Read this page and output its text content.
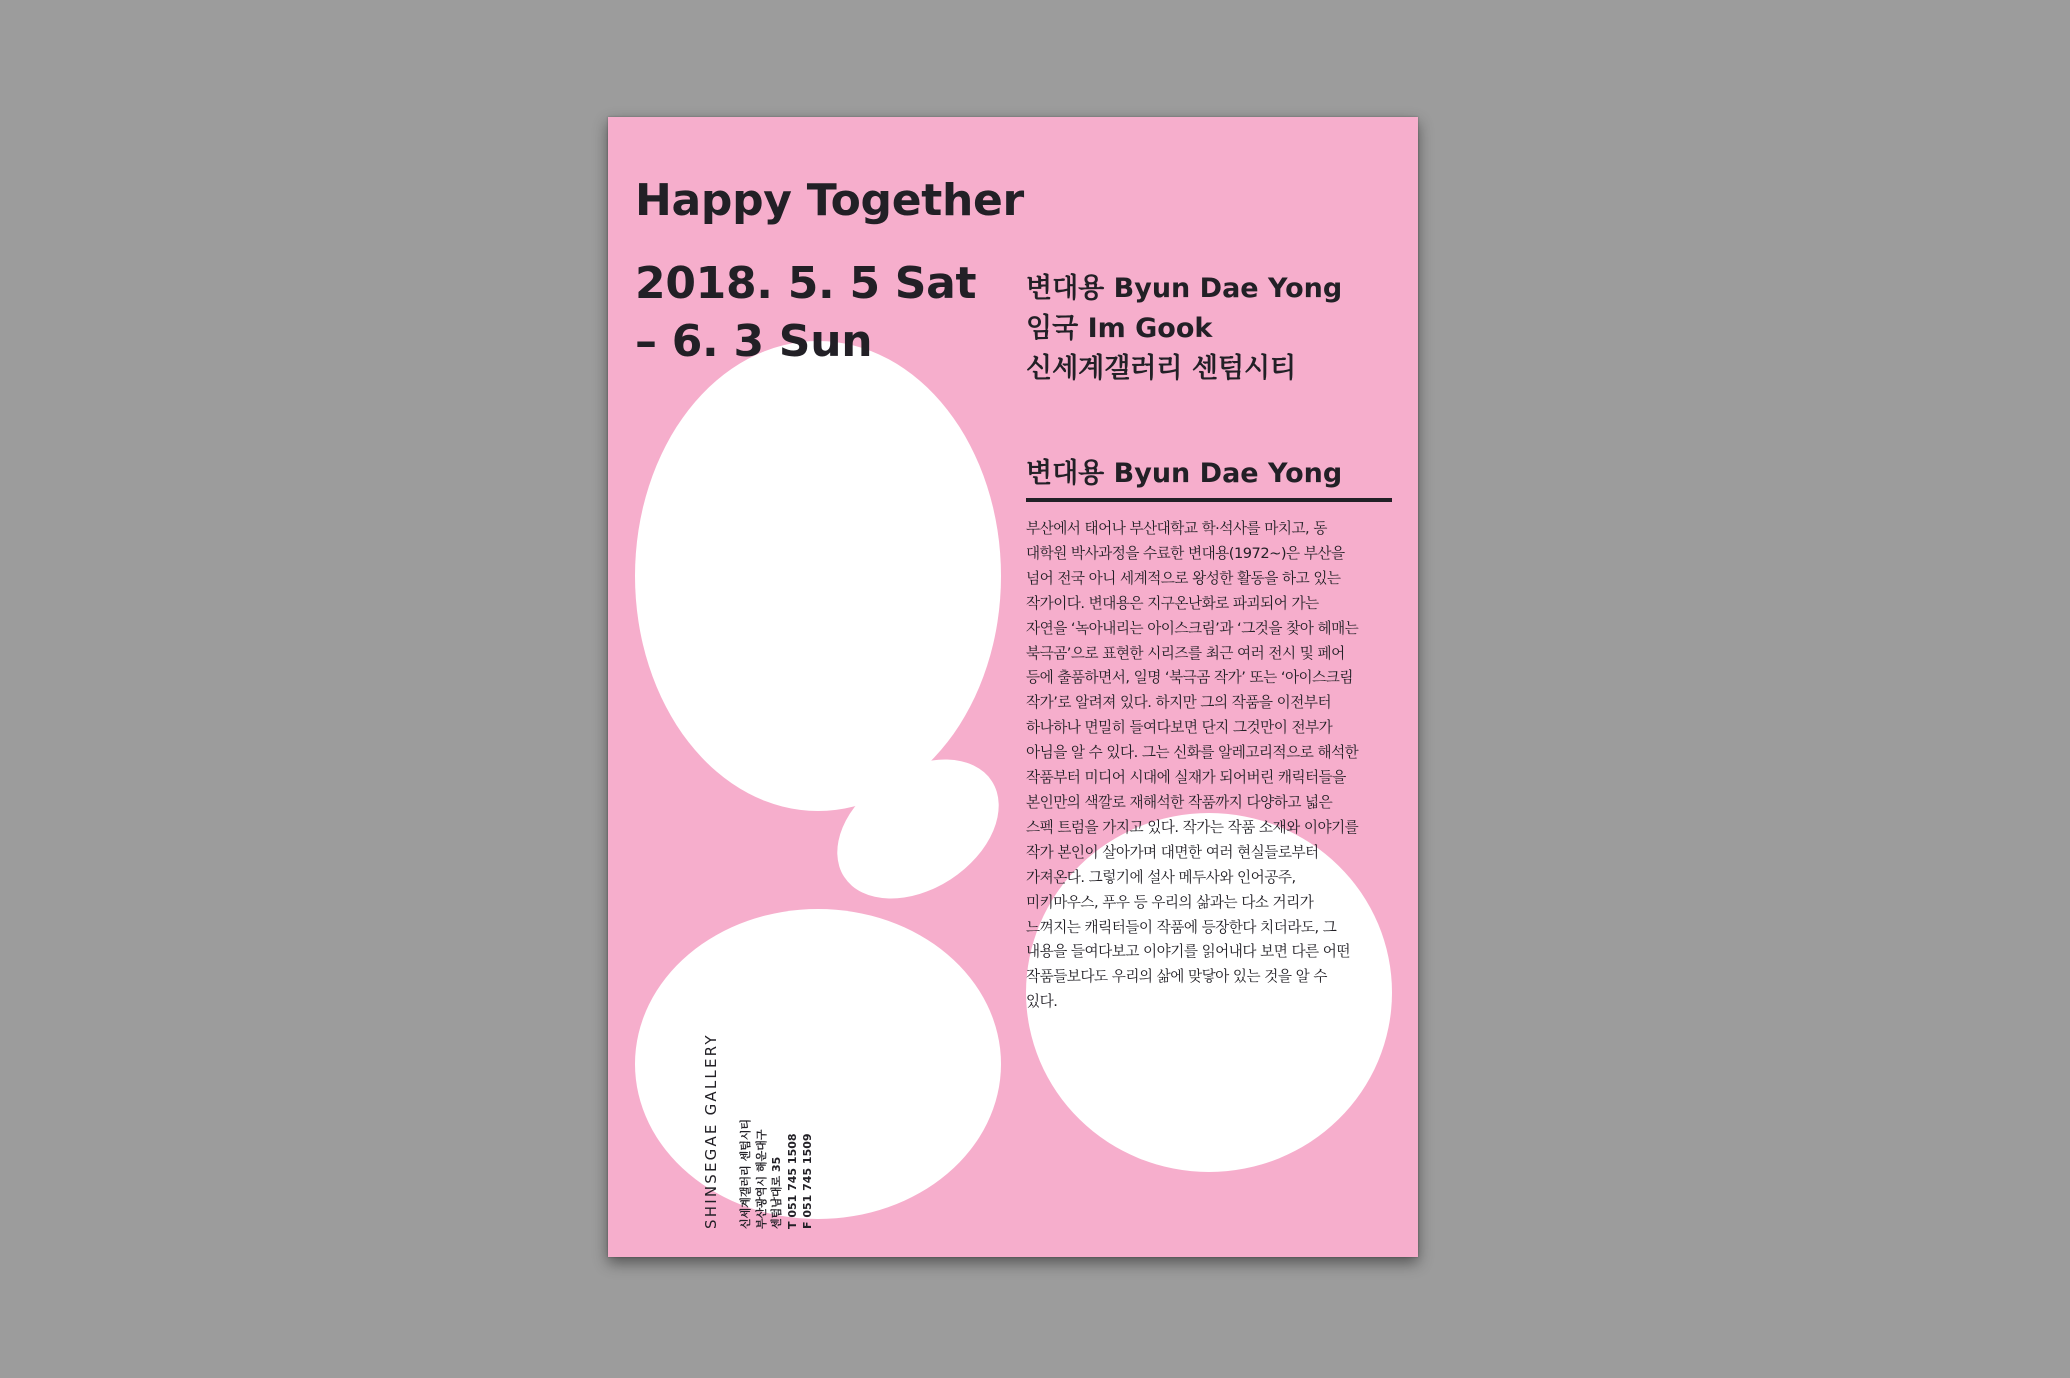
Happy Together
2018. 5. 5 Sat
– 6. 3 Sun
변대용 Byun Dae Yong
임국 Im Gook
신세계갤러리 센텀시티
변대용 Byun Dae Yong
부산에서 태어나 부산대학교 학·석사를 마치고, 동
대학원 박사과정을 수료한 변대용(1972~)은 부산을
넘어 전국 아니 세계적으로 왕성한 활동을 하고 있는
작가이다. 변대용은 지구온난화로 파괴되어 가는
자연을 ‘녹아내리는 아이스크림’과 ‘그것을 찾아 헤매는
북극곰’으로 표현한 시리즈를 최근 여러 전시 및 페어
등에 출품하면서, 일명 ‘북극곰 작가’ 또는 ‘아이스크림
작가’로 알려져 있다. 하지만 그의 작품을 이전부터
하나하나 면밀히 들여다보면 단지 그것만이 전부가
아님을 알 수 있다. 그는 신화를 알레고리적으로 해석한
작품부터 미디어 시대에 실재가 되어버린 캐릭터들을
본인만의 색깔로 재해석한 작품까지 다양하고 넓은
스펙 트럼을 가지고 있다. 작가는 작품 소재와 이야기를
작가 본인이 살아가며 대면한 여러 현실들로부터
가져온다. 그렇기에 설사 메두사와 인어공주,
미키마우스, 푸우 등 우리의 삶과는 다소 거리가
느껴지는 캐릭터들이 작품에 등장한다 치더라도, 그
내용을 들여다보고 이야기를 읽어내다 보면 다른 어떤
작품들보다도 우리의 삶에 맞닿아 있는 것을 알 수
있다.
SHINSEGAE GALLERY 신세계갤러리 센텀시티 부산광역시 해운대구 센텀남대로 35 T 051 745 1508 F 051 745 1509
